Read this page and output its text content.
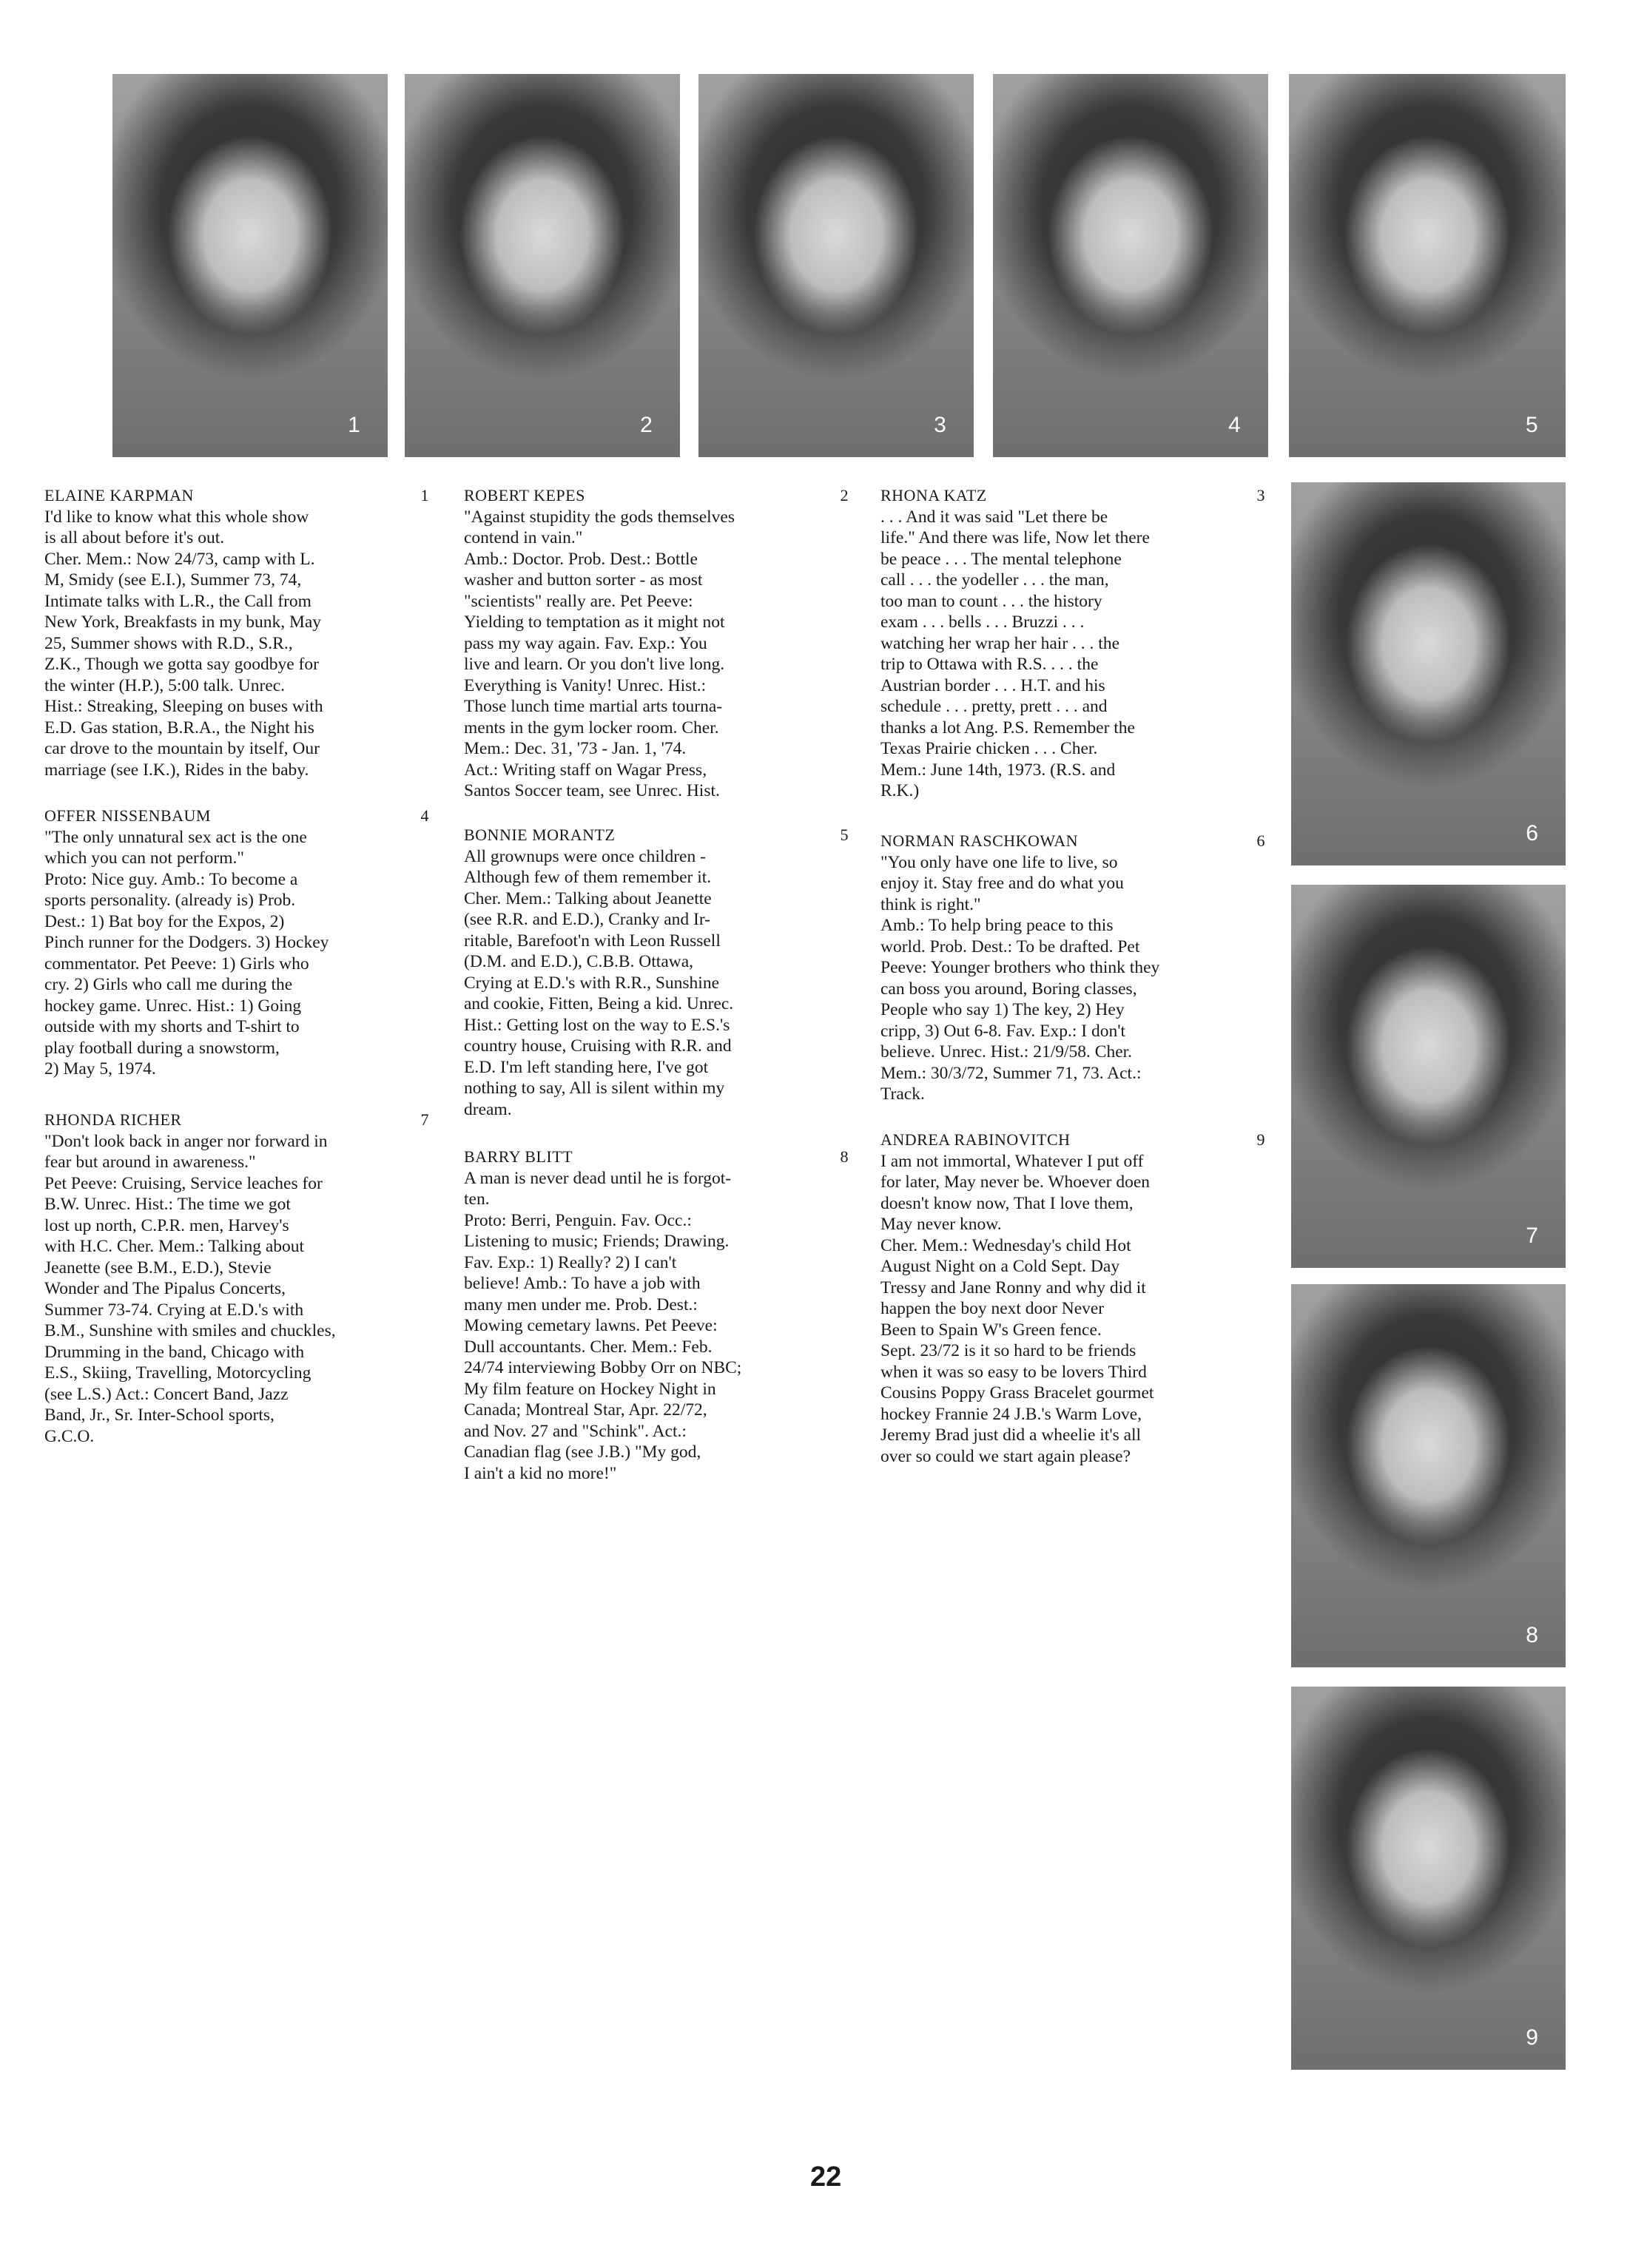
1	2	3	4	5
6
7
8
9
ELAINE KARPMAN	1
I'd like to know what this whole show
is all about before it's out.
Cher. Mem.: Now 24/73, camp with L.
M, Smidy (see E.I.), Summer 73, 74,
Intimate talks with L.R., the Call from
New York, Breakfasts in my bunk, May
25, Summer shows with R.D., S.R.,
Z.K., Though we gotta say goodbye for
the winter (H.P.), 5:00 talk. Unrec.
Hist.: Streaking, Sleeping on buses with
E.D. Gas station, B.R.A., the Night his
car drove to the mountain by itself, Our
marriage (see I.K.), Rides in the baby.
OFFER NISSENBAUM	4
"The only unnatural sex act is the one
which you can not perform."
Proto: Nice guy. Amb.: To become a
sports personality. (already is) Prob.
Dest.: 1) Bat boy for the Expos, 2)
Pinch runner for the Dodgers. 3) Hockey
commentator. Pet Peeve: 1) Girls who
cry. 2) Girls who call me during the
hockey game. Unrec. Hist.: 1) Going
outside with my shorts and T-shirt to
play football during a snowstorm,
2) May 5, 1974.
RHONDA RICHER	7
"Don't look back in anger nor forward in
fear but around in awareness."
Pet Peeve: Cruising, Service leaches for
B.W. Unrec. Hist.: The time we got
lost up north, C.P.R. men, Harvey's
with H.C. Cher. Mem.: Talking about
Jeanette (see B.M., E.D.), Stevie
Wonder and The Pipalus Concerts,
Summer 73-74. Crying at E.D.'s with
B.M., Sunshine with smiles and chuckles,
Drumming in the band, Chicago with
E.S., Skiing, Travelling, Motorcycling
(see L.S.) Act.: Concert Band, Jazz
Band, Jr., Sr. Inter-School sports,
G.C.O.
ROBERT KEPES	2
"Against stupidity the gods themselves
contend in vain."
Amb.: Doctor. Prob. Dest.: Bottle
washer and button sorter - as most
"scientists" really are. Pet Peeve:
Yielding to temptation as it might not
pass my way again. Fav. Exp.: You
live and learn. Or you don't live long.
Everything is Vanity! Unrec. Hist.:
Those lunch time martial arts tourna-
ments in the gym locker room. Cher.
Mem.: Dec. 31, '73 - Jan. 1, '74.
Act.: Writing staff on Wagar Press,
Santos Soccer team, see Unrec. Hist.
BONNIE MORANTZ	5
All grownups were once children -
Although few of them remember it.
Cher. Mem.: Talking about Jeanette
(see R.R. and E.D.), Cranky and Ir-
ritable, Barefoot'n with Leon Russell
(D.M. and E.D.), C.B.B. Ottawa,
Crying at E.D.'s with R.R., Sunshine
and cookie, Fitten, Being a kid. Unrec.
Hist.: Getting lost on the way to E.S.'s
country house, Cruising with R.R. and
E.D. I'm left standing here, I've got
nothing to say, All is silent within my
dream.
BARRY BLITT	8
A man is never dead until he is forgot-
ten.
Proto: Berri, Penguin. Fav. Occ.:
Listening to music; Friends; Drawing.
Fav. Exp.: 1) Really? 2) I can't
believe! Amb.: To have a job with
many men under me. Prob. Dest.:
Mowing cemetary lawns. Pet Peeve:
Dull accountants. Cher. Mem.: Feb.
24/74 interviewing Bobby Orr on NBC;
My film feature on Hockey Night in
Canada; Montreal Star, Apr. 22/72,
and Nov. 27 and "Schink". Act.:
Canadian flag (see J.B.) "My god,
I ain't a kid no more!"
RHONA KATZ	3
. . . And it was said "Let there be
life." And there was life, Now let there
be peace . . . The mental telephone
call . . . the yodeller . . . the man,
too man to count . . . the history
exam . . . bells . . . Bruzzi . . .
watching her wrap her hair . . . the
trip to Ottawa with R.S. . . . the
Austrian border . . . H.T. and his
schedule . . . pretty, prett . . . and
thanks a lot Ang. P.S. Remember the
Texas Prairie chicken . . . Cher.
Mem.: June 14th, 1973. (R.S. and
R.K.)
NORMAN RASCHKOWAN	6
"You only have one life to live, so
enjoy it. Stay free and do what you
think is right."
Amb.: To help bring peace to this
world. Prob. Dest.: To be drafted. Pet
Peeve: Younger brothers who think they
can boss you around, Boring classes,
People who say 1) The key, 2) Hey
cripp, 3) Out 6-8. Fav. Exp.: I don't
believe. Unrec. Hist.: 21/9/58. Cher.
Mem.: 30/3/72, Summer 71, 73. Act.:
Track.
ANDREA RABINOVITCH	9
I am not immortal, Whatever I put off
for later, May never be. Whoever doen
doesn't know now, That I love them,
May never know.
Cher. Mem.: Wednesday's child Hot
August Night on a Cold Sept. Day
Tressy and Jane Ronny and why did it
happen the boy next door Never
Been to Spain W's Green fence.
Sept. 23/72 is it so hard to be friends
when it was so easy to be lovers Third
Cousins Poppy Grass Bracelet gourmet
hockey Frannie 24 J.B.'s Warm Love,
Jeremy Brad just did a wheelie it's all
over so could we start again please?
22
